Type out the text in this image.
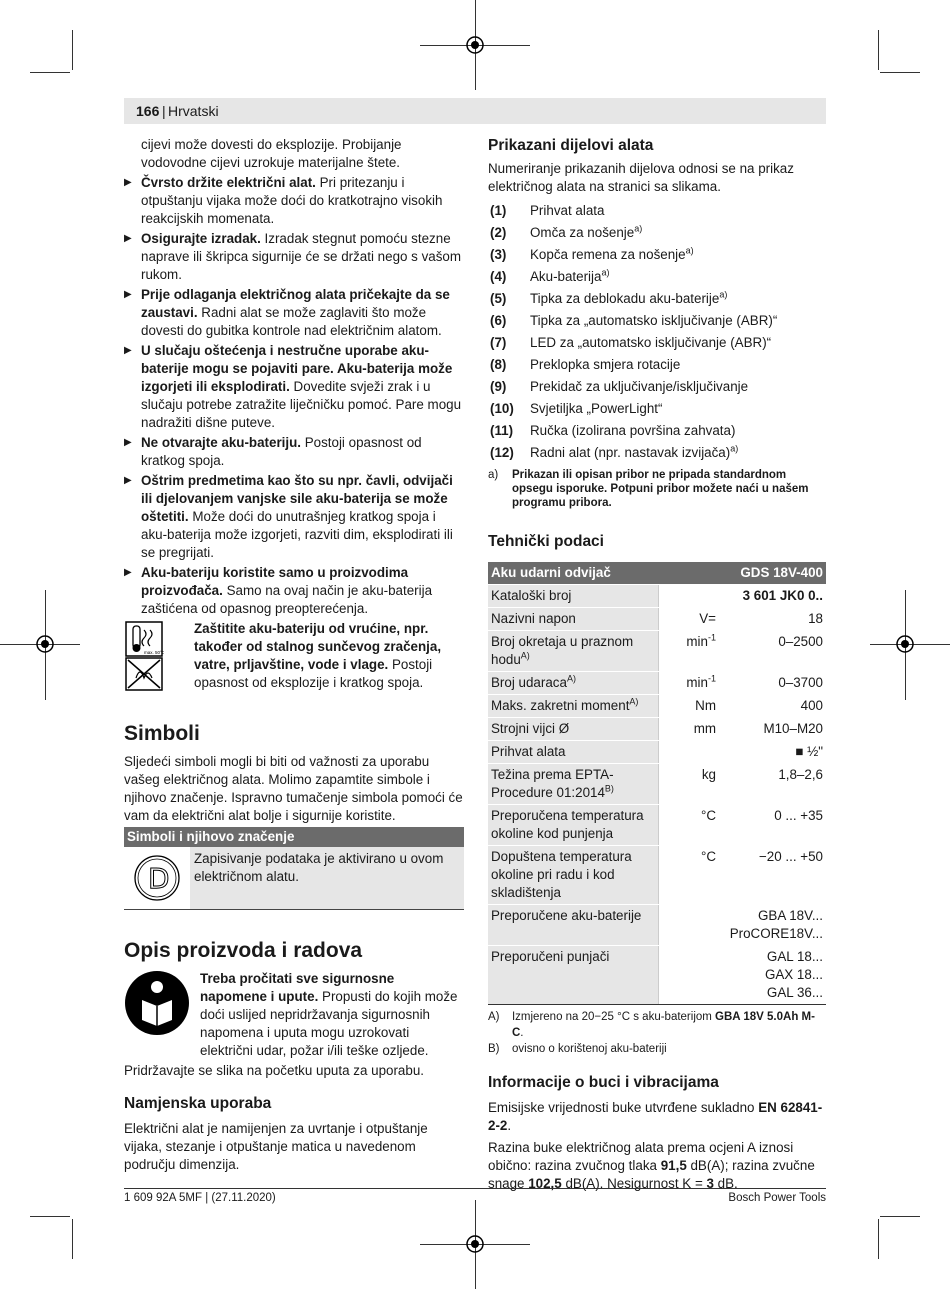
166 | Hrvatski

cijevi može dovesti do eksplozije. Probijanje vodovodne cijevi uzrokuje materijalne štete.

▶ Čvrsto držite električni alat. Pri pritezanju i otpuštanju vijaka može doći do kratkotrajno visokih reakcijskih momenata.

▶ Osigurajte izradak. Izradak stegnut pomoću stezne naprave ili škripca sigurnije će se držati nego s vašom rukom.

▶ Prije odlaganja električnog alata pričekajte da se zaustavi. Radni alat se može zaglaviti što može dovesti do gubitka kontrole nad električnim alatom.

▶ U slučaju oštećenja i nestručne uporabe aku-baterije mogu se pojaviti pare. Aku-baterija može izgorjeti ili eksplodirati. Dovedite svježi zrak i u slučaju potrebe zatražite liječničku pomoć. Pare mogu nadražiti dišne puteve.

▶ Ne otvarajte aku-bateriju. Postoji opasnost od kratkog spoja.

▶ Oštrim predmetima kao što su npr. čavli, odvijači ili djelovanjem vanjske sile aku-baterija se može oštetiti. Može doći do unutrašnjeg kratkog spoja i aku-baterija može izgorjeti, razviti dim, eksplodirati ili se pregrijati.

▶ Aku-bateriju koristite samo u proizvodima proizvođača. Samo na ovaj način je aku-baterija zaštićena od opasnog preopterećenja.

max. 50°C

Zaštitite aku-bateriju od vrućine, npr. također od stalnog sunčevog zračenja, vatre, prljavštine, vode i vlage. Postoji opasnost od eksplozije i kratkog spoja.

Simboli

Sljedeći simboli mogli bi biti od važnosti za uporabu vašeg električnog alata. Molimo zapamtite simbole i njihovo značenje. Ispravno tumačenje simbola pomoći će vam da električni alat bolje i sigurnije koristite.

Simboli i njihovo značenje
D
Zapisivanje podataka je aktivirano u ovom električnom alatu.
Opis proizvoda i radova

Treba pročitati sve sigurnosne napomene i upute. Propusti do kojih može doći uslijed nepridržavanja sigurnosnih napomena i uputa mogu uzrokovati električni udar, požar i/ili teške ozljede.

Pridržavajte se slika na početku uputa za uporabu.

Namjenska uporaba

Električni alat je namijenjen za uvrtanje i otpuštanje vijaka, stezanje i otpuštanje matica u navedenom području dimenzija.

Prikazani dijelovi alata

Numeriranje prikazanih dijelova odnosi se na prikaz električnog alata na stranici sa slikama.

(1)	Prihvat alata
(2)	Omča za nošenje$^{a)}$
(3)	Kopča remena za nošenje$^{a)}$
(4)	Aku-baterija$^{a)}$
(5)	Tipka za deblokadu aku-baterije$^{a)}$
(6)	Tipka za „automatsko isključivanje (ABR)“
(7)	LED za „automatsko isključivanje (ABR)“
(8)	Preklopka smjera rotacije
(9)	Prekidač za uključivanje/isključivanje
(10)	Svjetiljka „PowerLight“
(11)	Ručka (izolirana površina zahvata)
(12)	Radni alat (npr. nastavak izvijača)$^{a)}$
a)	Prikazan ili opisan pribor ne pripada standardnom opsegu isporuke. Potpuni pribor možete naći u našem programu pribora.
Tehnički podaci
Aku udarni odvijač		GDS 18V-400
Kataloški broj		3 601 JK0 0..
Nazivni napon	V=	18
Broj okretaja u praznom hodu$^{A)}$	$\min^{-1}$	0–2500
Broj udaraca$^{A)}$	$\min^{-1}$	0–3700
Maks. zakretni moment$^{A)}$	Nm	400
Strojni vijci Ø	mm	M10–M20
Prihvat alata		■ ½"
Težina prema EPTA-Procedure $01:2014^{B)}$	kg	1,8–2,6
Preporučena temperatura okoline kod punjenja	°C	0 ... +35
Dopuštena temperatura okoline pri radu i kod skladištenja	°C	−20 ... +50
Preporučene aku-baterije		GBA 18V...
ProCORE18V...
Preporučeni punjači		GAL 18...
GAX 18...
GAL 36...
A)	Izmjereno na 20−25 °C s aku-baterijom GBA 18V 5.0Ah M-C.
B)	ovisno o korištenoj aku-bateriji
Informacije o buci i vibracijama

Emisijske vrijednosti buke utvrđene sukladno EN 62841-2-2.

Razina buke električnog alata prema ocjeni A iznosi obično: razina zvučnog tlaka 91,5 dB(A); razina zvučne snage 102,5 dB(A). Nesigurnost K = 3 dB.

1 609 92A 5MF | (27.11.2020)	Bosch Power Tools
